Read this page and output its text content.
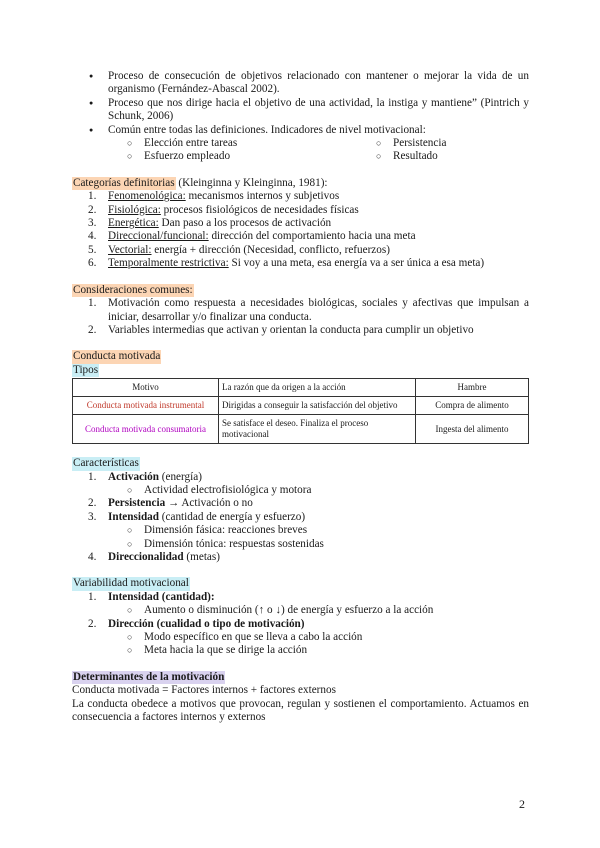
● Proceso de consecución de objetivos relacionado con mantener o mejorar la vida de un organismo (Fernández-Abascal 2002).
● Proceso que nos dirige hacia el objetivo de una actividad, la instiga y mantiene” (Pintrich y Schunk, 2006)
● Común entre todas las definiciones. Indicadores de nivel motivacional:
○ Elección entre tareas	○ Persistencia
○ Esfuerzo empleado	○ Resultado
Categorías definitorias (Kleinginna y Kleinginna, 1981):
1. Fenomenológica: mecanismos internos y subjetivos
2. Fisiológica: procesos fisiológicos de necesidades físicas
3. Energética: Dan paso a los procesos de activación
4. Direccional/funcional: dirección del comportamiento hacia una meta
5. Vectorial: energía + dirección (Necesidad, conflicto, refuerzos)
6. Temporalmente restrictiva: Si voy a una meta, esa energía va a ser única a esa meta)
Consideraciones comunes:
1. Motivación como respuesta a necesidades biológicas, sociales y afectivas que impulsan a iniciar, desarrollar y/o finalizar una conducta.
2. Variables intermedias que activan y orientan la conducta para cumplir un objetivo
Conducta motivada
Tipos
Motivo	La razón que da origen a la acción	Hambre
Conducta motivada instrumental	Dirigidas a conseguir la satisfacción del objetivo	Compra de alimento
Conducta motivada consumatoria	Se satisface el deseo. Finaliza el proceso motivacional	Ingesta del alimento
Características
1. Activación (energía)
○ Actividad electrofisiológica y motora
2. Persistencia → Activación o no
3. Intensidad (cantidad de energía y esfuerzo)
○ Dimensión fásica: reacciones breves
○ Dimensión tónica: respuestas sostenidas
4. Direccionalidad (metas)
Variabilidad motivacional
1. Intensidad (cantidad):
○ Aumento o disminución (↑ o ↓) de energía y esfuerzo a la acción
2. Dirección (cualidad o tipo de motivación)
○ Modo específico en que se lleva a cabo la acción
○ Meta hacia la que se dirige la acción
Determinantes de la motivación
Conducta motivada = Factores internos + factores externos
La conducta obedece a motivos que provocan, regulan y sostienen el comportamiento. Actuamos en consecuencia a factores internos y externos
2
